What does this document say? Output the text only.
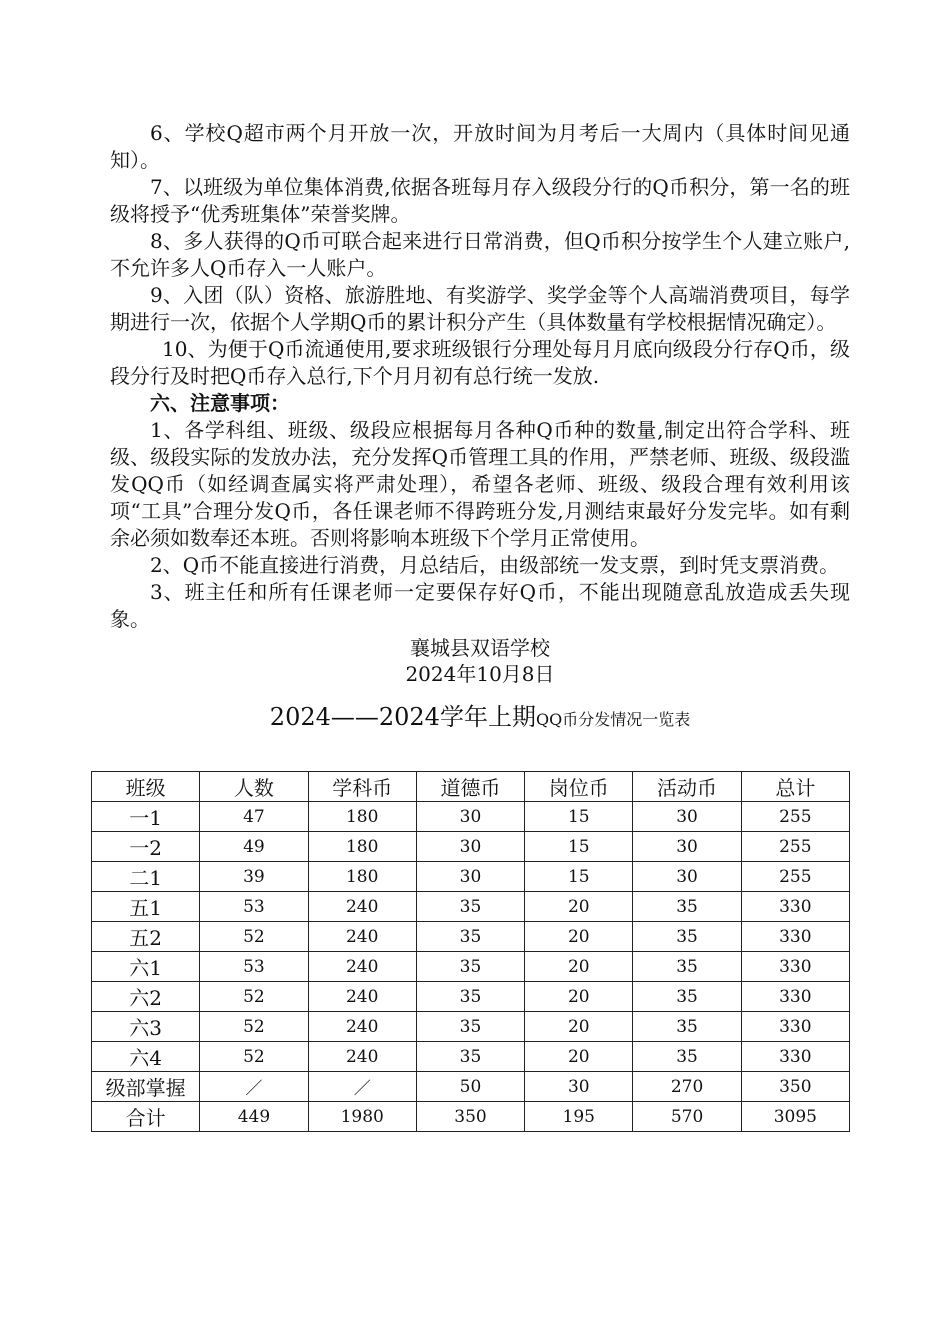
6、学校Q超市两个月开放一次，开放时间为月考后一大周内（具体时间见通知）。

7、以班级为单位集体消费,依据各班每月存入级段分行的Q币积分，第一名的班级将授予“优秀班集体”荣誉奖牌。

8、多人获得的Q币可联合起来进行日常消费，但Q币积分按学生个人建立账户,不允许多人Q币存入一人账户。

9、入团（队）资格、旅游胜地、有奖游学、奖学金等个人高端消费项目，每学期进行一次，依据个人学期Q币的累计积分产生（具体数量有学校根据情况确定）。

10、为便于Q币流通使用,要求班级银行分理处每月月底向级段分行存Q币，级段分行及时把Q币存入总行,下个月月初有总行统一发放.

六、注意事项：

1、各学科组、班级、级段应根据每月各种Q币种的数量,制定出符合学科、班级、级段实际的发放办法，充分发挥Q币管理工具的作用，严禁老师、班级、级段滥发QQ币（如经调查属实将严肃处理），希望各老师、班级、级段合理有效利用该项“工具”合理分发Q币，各任课老师不得跨班分发,月测结束最好分发完毕。如有剩余必须如数奉还本班。否则将影响本班级下个学月正常使用。

2、Q币不能直接进行消费，月总结后，由级部统一发支票，到时凭支票消费。

3、班主任和所有任课老师一定要保存好Q币，不能出现随意乱放造成丢失现象。

襄城县双语学校

2024年10月8日

2024——2024学年上期QQ币分发情况一览表
班级	人数	学科币	道德币	岗位币	活动币	总计
一1	47	180	30	15	30	255
一2	49	180	30	15	30	255
二1	39	180	30	15	30	255
五1	53	240	35	20	35	330
五2	52	240	35	20	35	330
六1	53	240	35	20	35	330
六2	52	240	35	20	35	330
六3	52	240	35	20	35	330
六4	52	240	35	20	35	330
级部掌握	／	／	50	30	270	350
合计	449	1980	350	195	570	3095
